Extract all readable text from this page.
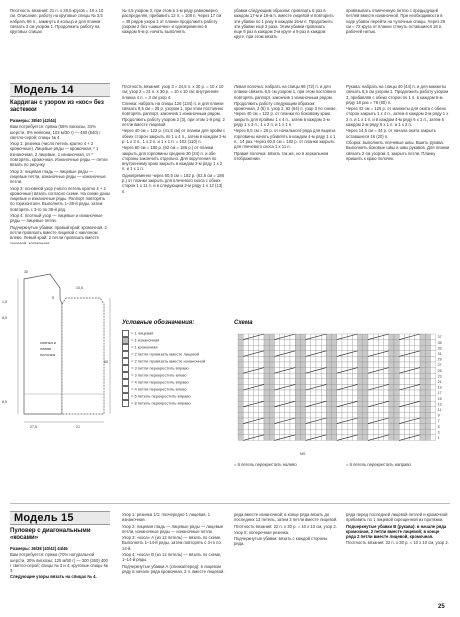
Плотность вязания: 21 п. x 28,5 кругов = 10 x 10 см. Описание: работу на круговые спицы № 3,5 набрать 96 п., замкнуть в кольцо и для планки связать 3 см узором 1. Продолжить работу на круговых спицах

№ 4,5 узором 3, при этом в 1-м ряду равномерно распределяя, прибавить 12 п. = 108 п. Через 17 см = 48 рядов узора 2 от планки продолжить работу узором 2 без «шишечек» и одновременно в каждом 6-м р. начать выполнять

убавки следующим образом: провязать 6 раз в каждом 17-м и 18-м п. вместе лицевой и повторить эти убавки по 1 разу в каждом 16-м п. Продолжить эти убавки ещё 2 раза. Этим убавки провязать еще 9 раз в каждом 2-м круге и 9 раз в каждом круге, при этом вязать

провязывать отмеченную петлю с предыдущей петлей вместе изнаночной. При необходимости в ходе убавок перейти на чулочные спицы. Через 25 см = 72 круга от планки стянуть оставшиеся 18 п. рабочей нитью.

Модель 14
Кардиган с узором из «кос» без застежки

Размеры: 38/40 (42/44)

Вам потребуется: пряжа (58% вискозы, 34% шерсти, 8% нейлона; 102 м/30 г) — 480 (540) г светло-серой; спицы № 4.

Узор 1: резинка (число петель кратно 4 + 2 кромочные). Лицевые ряды — кромочная, * 1 изнаночная, 2 лицевые, 1 изнаночная, от * повторять, кромочная. Изнаночные ряды — петли вязать по рисунку.

Узор 2: лицевая гладь — лицевые ряды — лицевые петли, изнаночные ряды — изнаночные петли.

Узор 3: основной узор (число петель кратно 4 + 2 кромочные) вязать согласно схеме. На схеме даны лицевые и изнаночные ряды. Раппорт повторять по горизонтали. Выполнять 1–38-й ряды, затем повторять с 3-го по 38-й ряд.

Узор 4: плотный узор — лицевые и изнаночные ряды — лицевые петли.

Подчеркнутые убавки: правый край: кромочная, 2 петли провязать вместе лицевой с наклоном влево. Левый край: 2 петли провязать вместе

спинка и
левая
полочка
30
10,5
5
1,5
8,5
60
8,5
27,5	21

Плотность вязания: узор 3 = 24,5 п. x 30 р. = 10 x 10 см; узор 2 = 21 п. x 30 р. = 10 x 10 см; внутренняя планка 4 п. = 3 см узор 4.

Спинка: набрать на спицы 126 (134) п. и для планки связать 8,5 см = 26 р. узором 1, при этом постоянно повторять раппорт, закончив 1 изнаночным рядом. Продолжить работу узором 2 (3), при этом 1-й ряд: 2 петли вместе лицевой.

Через 40 см = 122 р. (41,5 см) от планки для пройм с обеих сторон закрыть по 1 х 4 п., затем в каждом 2-м р. 1 х 3 п., 1 х 2 п. и 1 х 1 п. = 102 (110) п.

Через 60 см = 180 р. (62 см = 186 р.) от планки закрыть для горловины средние 30 (34) п. и обе стороны закончить отдельно. Для округления по внутреннему краю закрыть в каждом 2-м ряду 1 х 2 п. и 1 х 1 п.

Одновременно через 60,5 см = 182 р. (62,5 см = 188 р.) от планки закрыть для плечевого скоса с обеих сторон 1 х 11 п. и в следующем 2-м ряду 1 х 12 (13) п.

Левая полочка: набрать на спицы 66 (72) п. и для планки связать 8,5 см узором 1, при этом постоянно повторять раппорт, закончив 1 изнаночным рядом.

Продолжить работу следующим образом: кромочная, 2 (6) п. узор 2, 62 (64) п. узор 3 по схеме. Через 40 см = 122 р. от планки по боковому краю закрыть для проймы 1 х 4 п., затем в каждом 2-м ряду 1 х 3 п., 1 х 2 п. и 1 х 1 п.

Через 8,5 см = 26 р. от начального ряда для выреза горловины начать убавлять в каждом 4-м ряду 1 х 1 п., 14 раз. Через 60,5 см = 182 р. от планки закрыть для плечевого скоса 1 х 11 п.

Правая полочка: вязать так же, но в зеркальном отображении.

Рукава: набрать на спицы 40 (44) п. и для манжеты связать 8,5 см узором 1. Продолжить работу узором 3, прибавляя с обеих сторон по 1 п. в каждом 6-м ряду 18 раз = 76 (80) п.

Через 42 см = 126 р. от манжеты для оката с обеих сторон закрыть 1 х 4 п., затем в каждом 2-м ряду 1 х 2 п. и 1 х 1 п. и в каждом 4-м ряду 6 х 1 п., затем в каждом 2-м ряду 6 х 1 п. и 1 х 2 п.

Через 14,5 см = 44 р. от начала оката закрыть оставшиеся 16 (20) п.

Сборка: выполнить плечевые швы. Вшить рукава. Выполнить боковые швы и швы рукавов. Для планки связать 2 см узором 4, закрыть петли. Планку пришить к краю полочек.

Условные обозначения:
= 1 лицевая
= 1 изнаночная
= 1 кромочная
= 2 петли провязать вместе лицевой
= 2 петли провязать вместе изнаночной
= 3 петли перекрестить вправо
= 3 петли перекрестить влево
= 4 петли перекрестить вправо
= 4 петли перекрестить влево
= 6 петель перекрестить вправо
= 8 петель перекрестить вправо
Схема
37
35
33
31
29
27
25
23
21
19
17
15
13
11
9
7
5
3
1
MS

= 6 петель перекрестить налево	= 6 петель перекрестить направо

Модель 15
Пуловер с диагональными «косами»

Размеры: 36/38 (40/42) 44/46

Вам потребуется: пряжа (70% натуральной шерсти, 30% вискозы; 125 м/50 г) — 300 (350) 400 г светло-серой; спицы № 3 и 4; круговые спицы № 3.

Следующие узоры вязать на спицах № 4.

Узор 1: резинка 1/1: поочередно 1 лицевая, 1 изнаночная.

Узор 2: лицевая гладь — лицевые ряды — лицевые петли, изнаночные ряды — изнаночные петли.

Узор 3: «коса» А (из 12 петель) — вязать по схеме. Выполнять 1–14-й ряды, затем повторять с 3-го по 14-й.

Узор 4: «коса» В (из 12 петель) — вязать по схеме, 1–14-й ряды.

Подчеркнутые убавки А (спинка/перед): в лицевом ряду в начале ряда кромочная, 2 п. вместе лицевой.

ряда вместе изнаночной; в конце ряда вязать до последних 13 петель, затем 2 петли вместе лицевой.

Плотность вязания: 22 п. x 30 р. = 10 x 10 см, узор 2.

Узор 5: поперечная резинка.

Подчеркнутые убавки: вязать с каждой стороны ряда.

ряда перед последней лицевой петлей и кромочной прибавить по 1 лицевой скрещенной из протяжки.

Подчеркнутые убавки В (рукава): в начале ряда кромочная, 2 петли вместе лицевой; в конце ряда 2 петли вместе лицевой, кромочная.

Плотность вязания: 22 п. x 30 р. = 10 x 10 см, узор 2.

25
